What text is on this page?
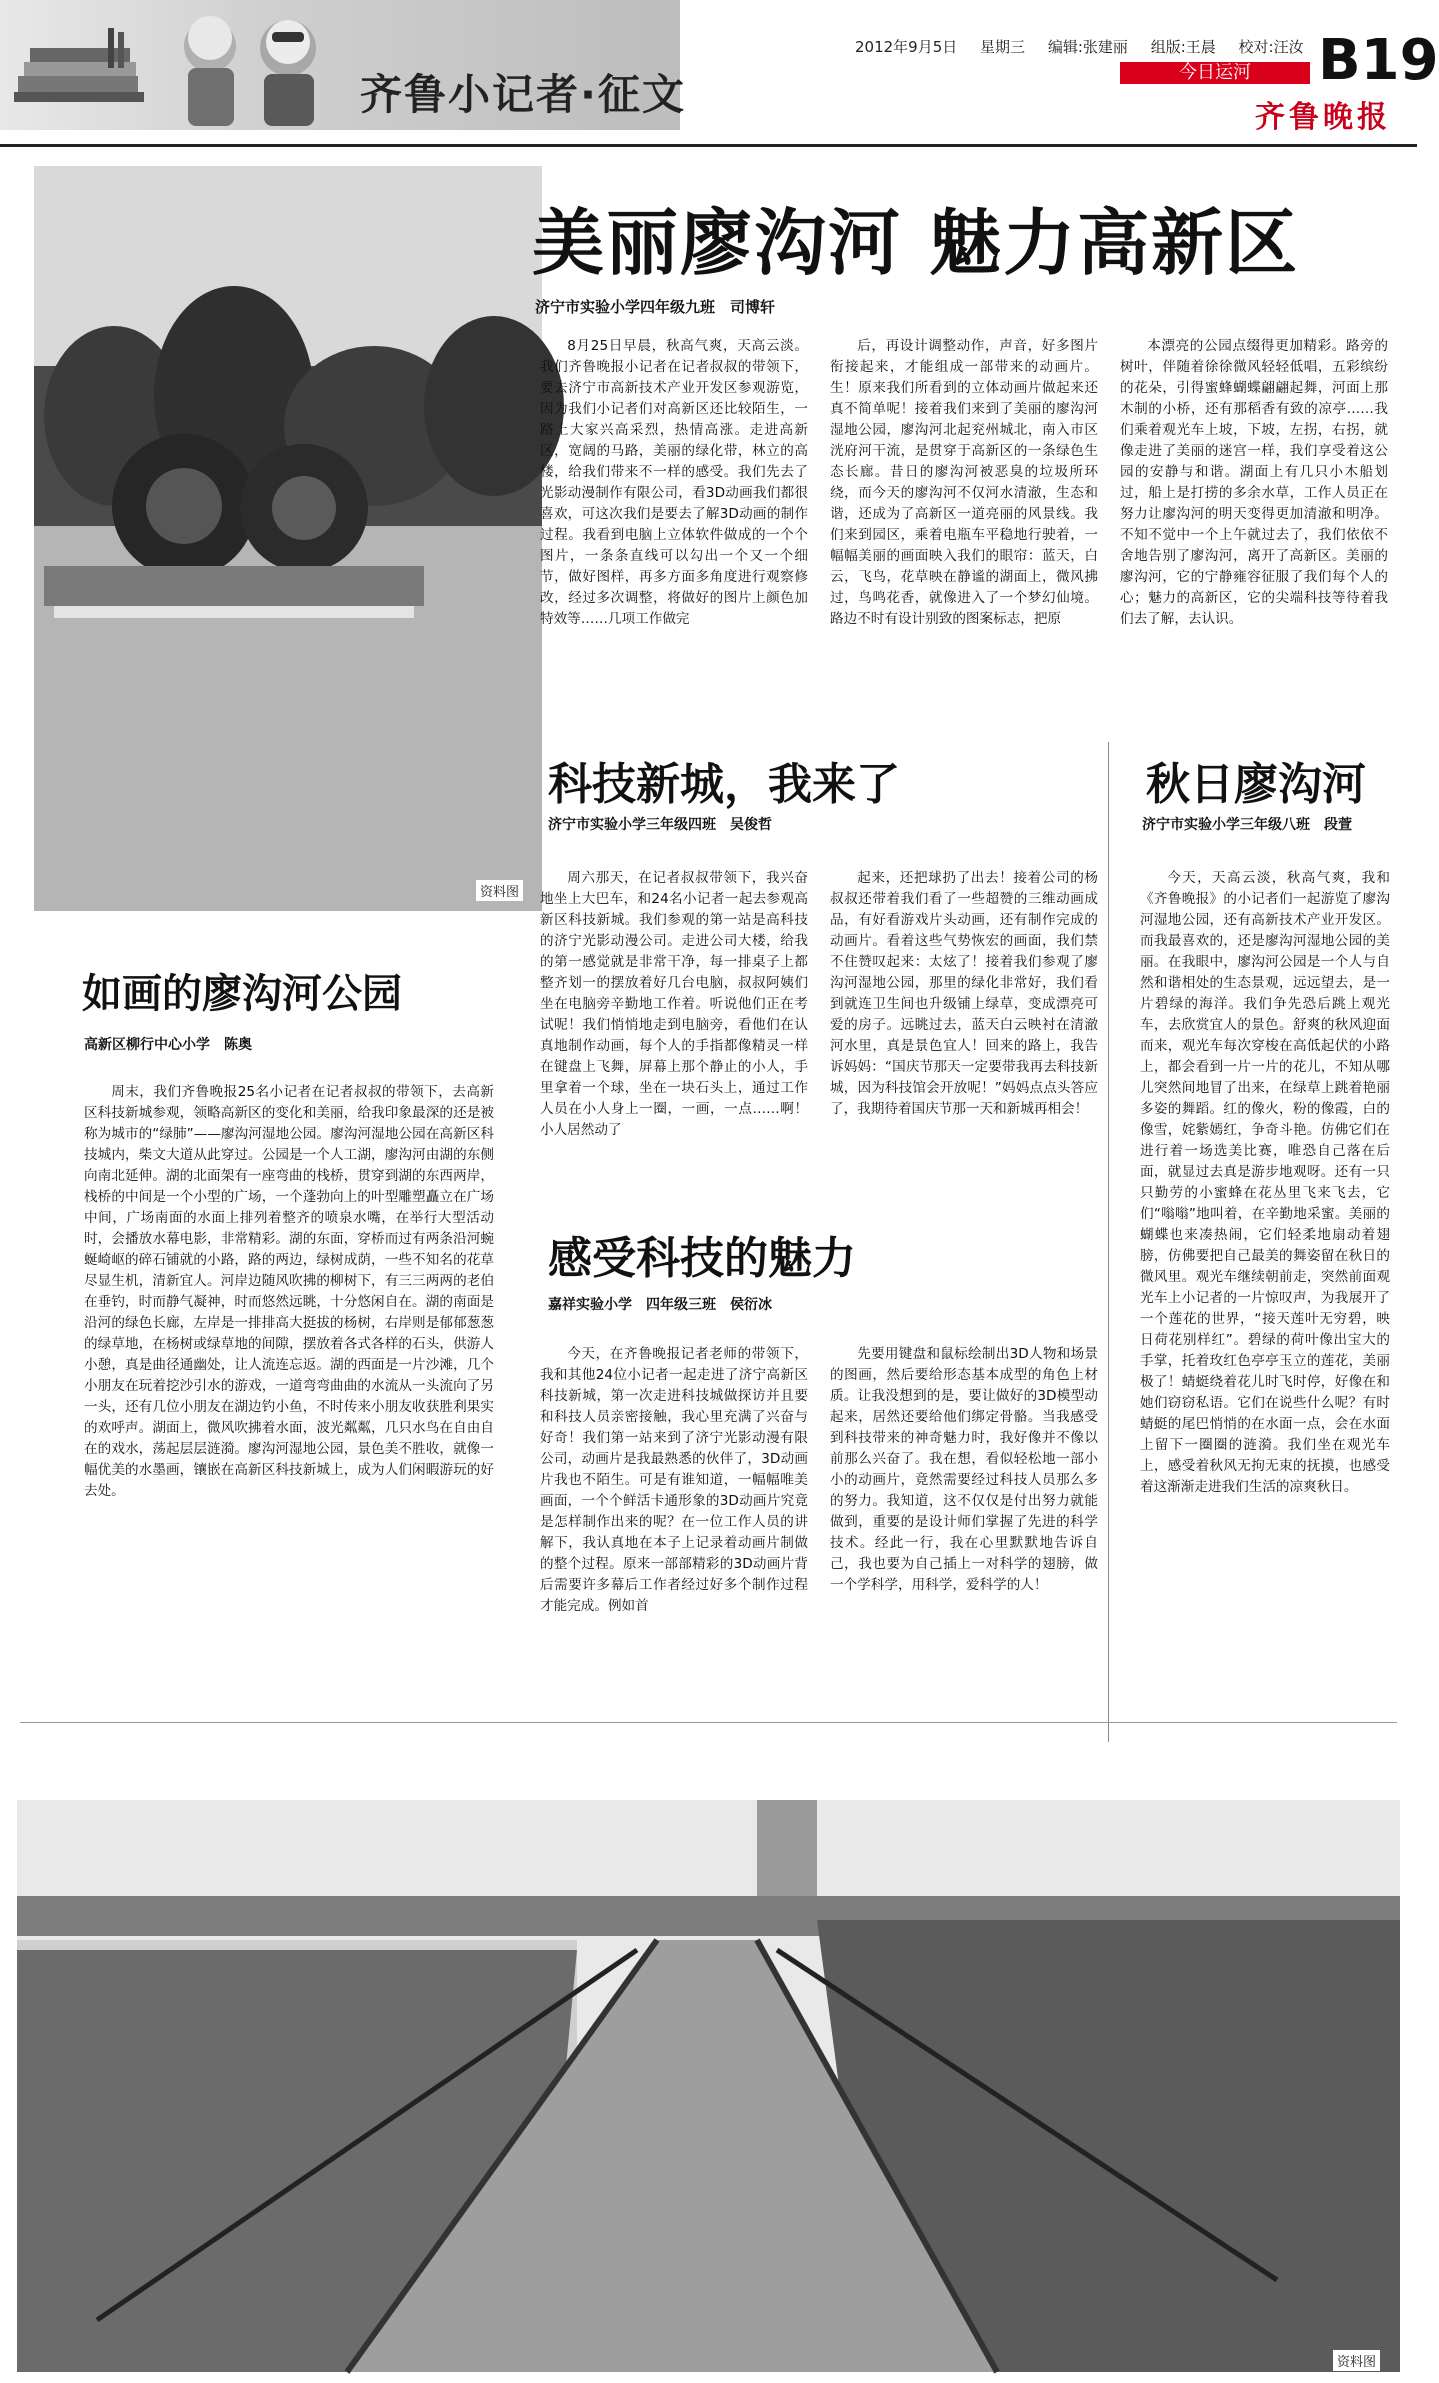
齐鲁小记者·征文
2012年9月5日 星期三 编辑:张建丽 组版:王晨 校对:汪汝 B19
今日运河
齐鲁晚报
资料图
美丽廖沟河 魅力高新区
济宁市实验小学四年级九班　司博轩

8月25日早晨，秋高气爽，天高云淡。我们齐鲁晚报小记者在记者叔叔的带领下，要去济宁市高新技术产业开发区参观游览，因为我们小记者们对高新区还比较陌生，一路上大家兴高采烈，热情高涨。走进高新区，宽阔的马路，美丽的绿化带，林立的高楼，给我们带来不一样的感受。我们先去了光影动漫制作有限公司，看3D动画我们都很喜欢，可这次我们是要去了解3D动画的制作过程。我看到电脑上立体软件做成的一个个图片，一条条直线可以勾出一个又一个细节，做好图样，再多方面多角度进行观察修改，经过多次调整，将做好的图片上颜色加特效等……几项工作做完

后，再设计调整动作，声音，好多图片衔接起来，才能组成一部带来的动画片。生！原来我们所看到的立体动画片做起来还真不简单呢！接着我们来到了美丽的廖沟河湿地公园，廖沟河北起兖州城北，南入市区洸府河干流，是贯穿于高新区的一条绿色生态长廊。昔日的廖沟河被恶臭的垃圾所环绕，而今天的廖沟河不仅河水清澈，生态和谐，还成为了高新区一道亮丽的风景线。我们来到园区，乘着电瓶车平稳地行驶着，一幅幅美丽的画面映入我们的眼帘：蓝天，白云，飞鸟，花草映在静谧的湖面上，微风拂过，鸟鸣花香，就像进入了一个梦幻仙境。路边不时有设计别致的图案标志，把原

本漂亮的公园点缀得更加精彩。路旁的树叶，伴随着徐徐微风轻轻低唱，五彩缤纷的花朵，引得蜜蜂蝴蝶翩翩起舞，河面上那木制的小桥，还有那稻香有致的凉亭……我们乘着观光车上坡，下坡，左拐，右拐，就像走进了美丽的迷宫一样，我们享受着这公园的安静与和谐。湖面上有几只小木船划过，船上是打捞的多余水草，工作人员正在努力让廖沟河的明天变得更加清澈和明净。不知不觉中一个上午就过去了，我们依依不舍地告别了廖沟河，离开了高新区。美丽的廖沟河，它的宁静雍容征服了我们每个人的心；魅力的高新区，它的尖端科技等待着我们去了解，去认识。

科技新城，我来了
济宁市实验小学三年级四班　吴俊哲

周六那天，在记者叔叔带领下，我兴奋地坐上大巴车，和24名小记者一起去参观高新区科技新城。我们参观的第一站是高科技的济宁光影动漫公司。走进公司大楼，给我的第一感觉就是非常干净，每一排桌子上都整齐划一的摆放着好几台电脑，叔叔阿姨们坐在电脑旁辛勤地工作着。听说他们正在考试呢！我们悄悄地走到电脑旁，看他们在认真地制作动画，每个人的手指都像精灵一样在键盘上飞舞，屏幕上那个静止的小人，手里拿着一个球，坐在一块石头上，通过工作人员在小人身上一圈，一画，一点……啊！小人居然动了

起来，还把球扔了出去！接着公司的杨叔叔还带着我们看了一些超赞的三维动画成品，有好看游戏片头动画，还有制作完成的动画片。看着这些气势恢宏的画面，我们禁不住赞叹起来：太炫了！接着我们参观了廖沟河湿地公园，那里的绿化非常好，我们看到就连卫生间也升级铺上绿草，变成漂亮可爱的房子。远眺过去，蓝天白云映衬在清澈河水里，真是景色宜人！回来的路上，我告诉妈妈：“国庆节那天一定要带我再去科技新城，因为科技馆会开放呢！”妈妈点点头答应了，我期待着国庆节那一天和新城再相会！

秋日廖沟河
济宁市实验小学三年级八班　段萱

今天，天高云淡，秋高气爽，我和《齐鲁晚报》的小记者们一起游览了廖沟河湿地公园，还有高新技术产业开发区。而我最喜欢的，还是廖沟河湿地公园的美丽。在我眼中，廖沟河公园是一个人与自然和谐相处的生态景观，远远望去，是一片碧绿的海洋。我们争先恐后跳上观光车，去欣赏宜人的景色。舒爽的秋风迎面而来，观光车每次穿梭在高低起伏的小路上，都会看到一片一片的花儿，不知从哪儿突然间地冒了出来，在绿草上跳着艳丽多姿的舞蹈。红的像火，粉的像霞，白的像雪，姹紫嫣红，争奇斗艳。仿佛它们在进行着一场选美比赛，唯恐自己落在后面，就显过去真是游步地观呀。还有一只只勤劳的小蜜蜂在花丛里飞来飞去，它们“嗡嗡”地叫着，在辛勤地采蜜。美丽的蝴蝶也来凑热闹，它们轻柔地扇动着翅膀，仿佛要把自己最美的舞姿留在秋日的微风里。观光车继续朝前走，突然前面观光车上小记者的一片惊叹声，为我展开了一个莲花的世界，“接天莲叶无穷碧，映日荷花别样红”。碧绿的荷叶像出宝大的手掌，托着玫红色亭亭玉立的莲花，美丽极了！蜻蜓绕着花儿时飞时停，好像在和她们窃窃私语。它们在说些什么呢？有时蜻蜓的尾巴悄悄的在水面一点，会在水面上留下一圈圈的涟漪。我们坐在观光车上，感受着秋风无拘无束的抚摸，也感受着这渐渐走进我们生活的凉爽秋日。

感受科技的魅力
嘉祥实验小学　四年级三班　侯衍冰

今天，在齐鲁晚报记者老师的带领下，我和其他24位小记者一起走进了济宁高新区科技新城，第一次走进科技城做探访并且要和科技人员亲密接触，我心里充满了兴奋与好奇！我们第一站来到了济宁光影动漫有限公司，动画片是我最熟悉的伙伴了，3D动画片我也不陌生。可是有谁知道，一幅幅唯美画面，一个个鲜活卡通形象的3D动画片究竟是怎样制作出来的呢？在一位工作人员的讲解下，我认真地在本子上记录着动画片制做的整个过程。原来一部部精彩的3D动画片背后需要许多幕后工作者经过好多个制作过程才能完成。例如首

先要用键盘和鼠标绘制出3D人物和场景的图画，然后要给形态基本成型的角色上材质。让我没想到的是，要让做好的3D模型动起来，居然还要给他们绑定骨骼。当我感受到科技带来的神奇魅力时，我好像并不像以前那么兴奋了。我在想，看似轻松地一部小小的动画片，竟然需要经过科技人员那么多的努力。我知道，这不仅仅是付出努力就能做到，重要的是设计师们掌握了先进的科学技术。经此一行，我在心里默默地告诉自己，我也要为自己插上一对科学的翅膀，做一个学科学，用科学，爱科学的人！

如画的廖沟河公园
高新区柳行中心小学　陈奥

周末，我们齐鲁晚报25名小记者在记者叔叔的带领下，去高新区科技新城参观，领略高新区的变化和美丽，给我印象最深的还是被称为城市的“绿肺”——廖沟河湿地公园。廖沟河湿地公园在高新区科技城内，柴文大道从此穿过。公园是一个人工湖，廖沟河由湖的东侧向南北延伸。湖的北面架有一座弯曲的栈桥，贯穿到湖的东西两岸，栈桥的中间是一个小型的广场，一个蓬勃向上的叶型雕塑矗立在广场中间，广场南面的水面上排列着整齐的喷泉水嘴，在举行大型活动时，会播放水幕电影，非常精彩。湖的东面，穿桥而过有两条沿河蜿蜒崎岖的碎石铺就的小路，路的两边，绿树成荫，一些不知名的花草尽显生机，清新宜人。河岸边随风吹拂的柳树下，有三三两两的老伯在垂钓，时而静气凝神，时而悠然远眺，十分悠闲自在。湖的南面是沿河的绿色长廊，左岸是一排排高大挺拔的杨树，右岸则是郁郁葱葱的绿草地，在杨树或绿草地的间隙，摆放着各式各样的石头，供游人小憩，真是曲径通幽处，让人流连忘返。湖的西面是一片沙滩，几个小朋友在玩着挖沙引水的游戏，一道弯弯曲曲的水流从一头流向了另一头，还有几位小朋友在湖边钓小鱼，不时传来小朋友收获胜利果实的欢呼声。湖面上，微风吹拂着水面，波光粼粼，几只水鸟在自由自在的戏水，荡起层层涟漪。廖沟河湿地公园，景色美不胜收，就像一幅优美的水墨画，镶嵌在高新区科技新城上，成为人们闲暇游玩的好去处。

资料图
